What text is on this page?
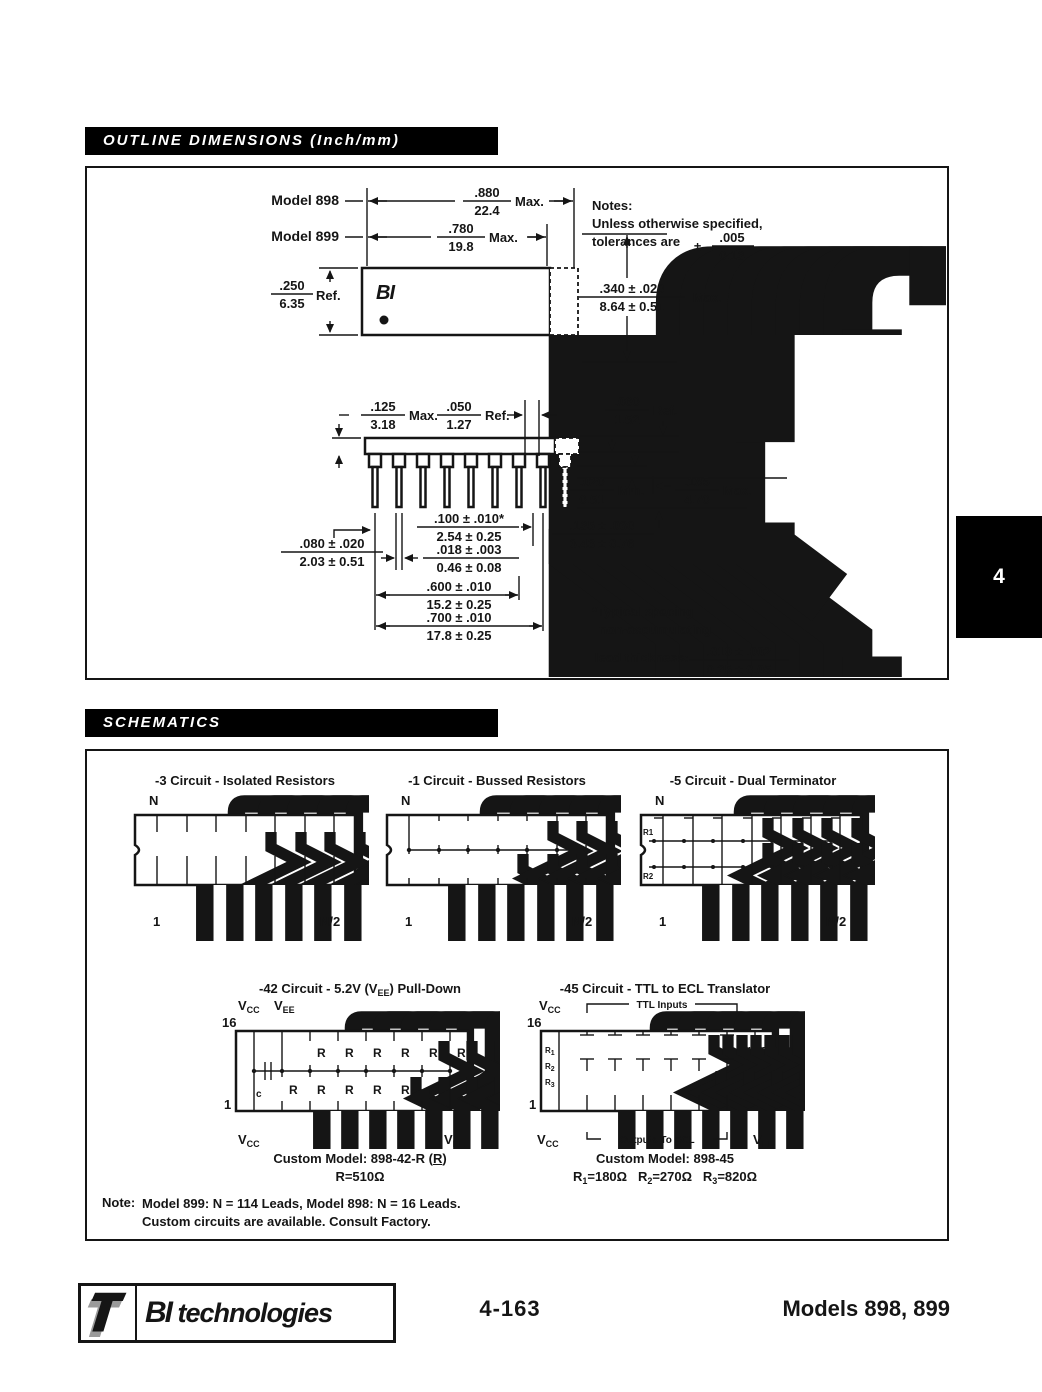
OUTLINE DIMENSIONS (Inch/mm)
Model 898
Model 899
.880
22.4
Max.
.780
19.8
Max.
BI
.250
6.35
Ref.
Notes:
Unless otherwise specified,
tolerances are ±
.005
0.13
.340 ± .020
8.64 ± 0.51
Max.
.125
3.18
Max.
.050
1.27
Ref.
.060
1.52
Ref.
.020
0.51
Min.
.185
4.70
Max.
.135 ± .030
3.43 ± 0.76
.080 ± .020
2.03 ± 0.51
.100 ± .010*
2.54 ± 0.25
.018 ± .003
0.46 ± 0.08
.600 ± .010
15.2 ± 0.25
.700 ± .010
17.8 ± 0.25
*Typical spacing
non-accumulating
lead thickness: .010 ± .002
0.25 ± 0.05
4
SCHEMATICS
-3 Circuit - Isolated Resistors	-1 Circuit - Bussed Resistors	-5 Circuit - Dual Terminator
N
1	N/2
N
1	N/2
N
R1
R2
1	N/2
-42 Circuit - 5.2V $(V_{EE})$ Pull-Down	-45 Circuit - TTL to ECL Translator
$V_{CC}$ $V_{EE}$
16
c R
R
R
R
R
R
R
R
R
R
R
R
1
$V_{CC}$	$V_{EE}$
Custom Model: 898-42-R (R)
R=510Ω
$V_{CC}$	TTL Inputs
16
R1
R2
R3
1
$V_{CC}$	Outputs To ECL	$V_{EE}$
Custom Model: 898-45
$R_1=180\Omega$ $R_2=270\Omega$ $R_3=820\Omega$
Note: Model 899: N = 114 Leads, Model 898: N = 16 Leads.
Custom circuits are available. Consult Factory.
BI technologies	4-163	Models 898, 899
